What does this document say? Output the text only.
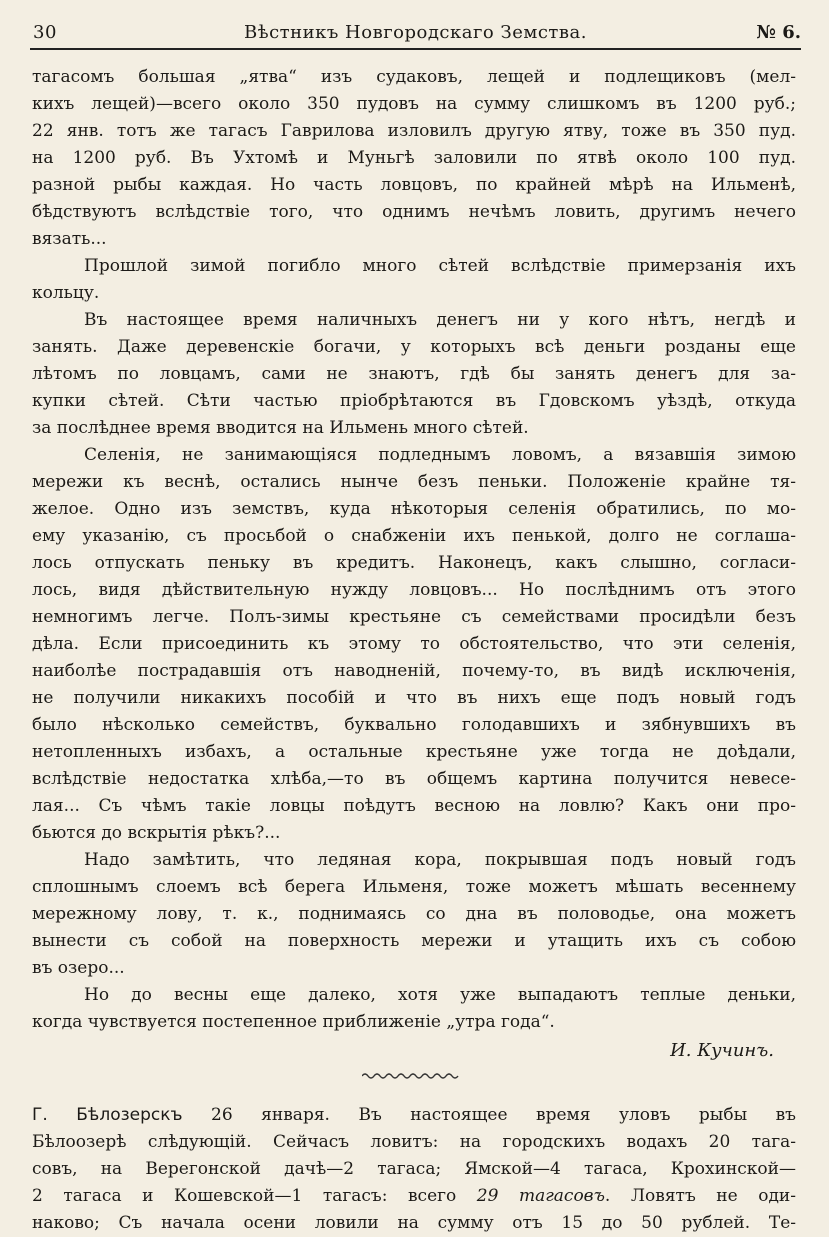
30	Вѣстникъ Новгородскаго Земства.	№ 6.
тагасомъ большая „ятва“ изъ судаковъ, лещей и подлещиковъ (мел-
кихъ лещей)—всего около 350 пудовъ на сумму слишкомъ въ 1200 руб.;
22 янв. тотъ же тагасъ Гаврилова изловилъ другую ятву, тоже въ 350 пуд.
на 1200 руб. Въ Ухтомѣ и Муньгѣ заловили по ятвѣ около 100 пуд.
разной рыбы каждая. Но часть ловцовъ, по крайней мѣрѣ на Ильменѣ,
бѣдствуютъ вслѣдствіе того, что однимъ нечѣмъ ловить, другимъ нечего
вязать...
Прошлой зимой погибло много сѣтей вслѣдствіе примерзанія ихъ
кольцу.
Въ настоящее время наличныхъ денегъ ни у кого нѣтъ, негдѣ и
занять. Даже деревенскіе богачи, у которыхъ всѣ деньги розданы еще
лѣтомъ по ловцамъ, сами не знаютъ, гдѣ бы занять денегъ для за-
купки сѣтей. Сѣти частью пріобрѣтаются въ Гдовскомъ уѣздѣ, откуда
за послѣднее время вводится на Ильмень много сѣтей.
Селенія, не занимающіяся подледнымъ ловомъ, а вязавшія зимою
мережи къ веснѣ, остались нынче безъ пеньки. Положеніе крайне тя-
желое. Одно изъ земствъ, куда нѣкоторыя селенія обратились, по мо-
ему указанію, съ просьбой о снабженіи ихъ пенькой, долго не соглаша-
лось отпускать пеньку въ кредитъ. Наконецъ, какъ слышно, согласи-
лось, видя дѣйствительную нужду ловцовъ... Но послѣднимъ отъ этого
немногимъ легче. Полъ-зимы крестьяне съ семействами просидѣли безъ
дѣла. Если присоединить къ этому то обстоятельство, что эти селенія,
наиболѣе пострадавшія отъ наводненій, почему-то, въ видѣ исключенія,
не получили никакихъ пособій и что въ нихъ еще подъ новый годъ
было нѣсколько семействъ, буквально голодавшихъ и зябнувшихъ въ
нетопленныхъ избахъ, а остальные крестьяне уже тогда не доѣдали,
вслѣдствіе недостатка хлѣба,—то въ общемъ картина получится невесе-
лая... Съ чѣмъ такіе ловцы поѣдутъ весною на ловлю? Какъ они про-
бьются до вскрытія рѣкъ?...
Надо замѣтить, что ледяная кора, покрывшая подъ новый годъ
сплошнымъ слоемъ всѣ берега Ильменя, тоже можетъ мѣшать весеннему
мережному лову, т. к., поднимаясь со дна въ половодье, она можетъ
вынести съ собой на поверхность мережи и утащить ихъ съ собою
въ озеро...
Но до весны еще далеко, хотя уже выпадаютъ теплые деньки,
когда чувствуется постепенное приближеніе „утра года“.
И. Кучинъ.
Г. Бѣлозерскъ 26 января. Въ настоящее время уловъ рыбы въ
Бѣлоозерѣ слѣдующій. Сейчасъ ловитъ: на городскихъ водахъ 20 тага-
совъ, на Верегонской дачѣ—2 тагаса; Ямской—4 тагаса, Крохинской—
2 тагаса и Кошевской—1 тагасъ: всего 29 тагасовъ. Ловятъ не оди-
наково; Съ начала осени ловили на сумму отъ 15 до 50 рублей. Те-
